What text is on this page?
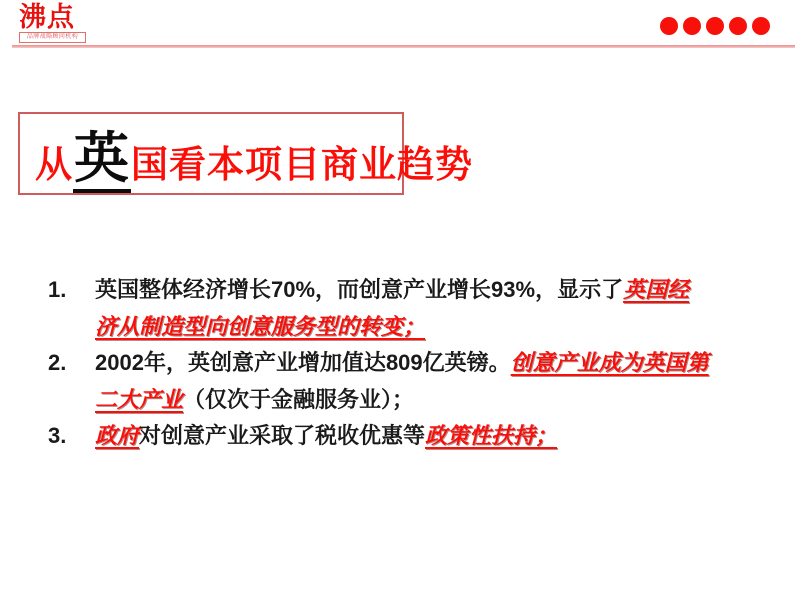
沸点
品牌战略顾问机构
从英国看本项目商业趋势
1.	英国整体经济增长70%，而创意产业增长93%，显示了英国经济从制造型向创意服务型的转变；
2.	2002年，英创意产业增加值达809亿英镑。创意产业成为英国第二大产业（仅次于金融服务业）；
3.	政府对创意产业采取了税收优惠等政策性扶持；
